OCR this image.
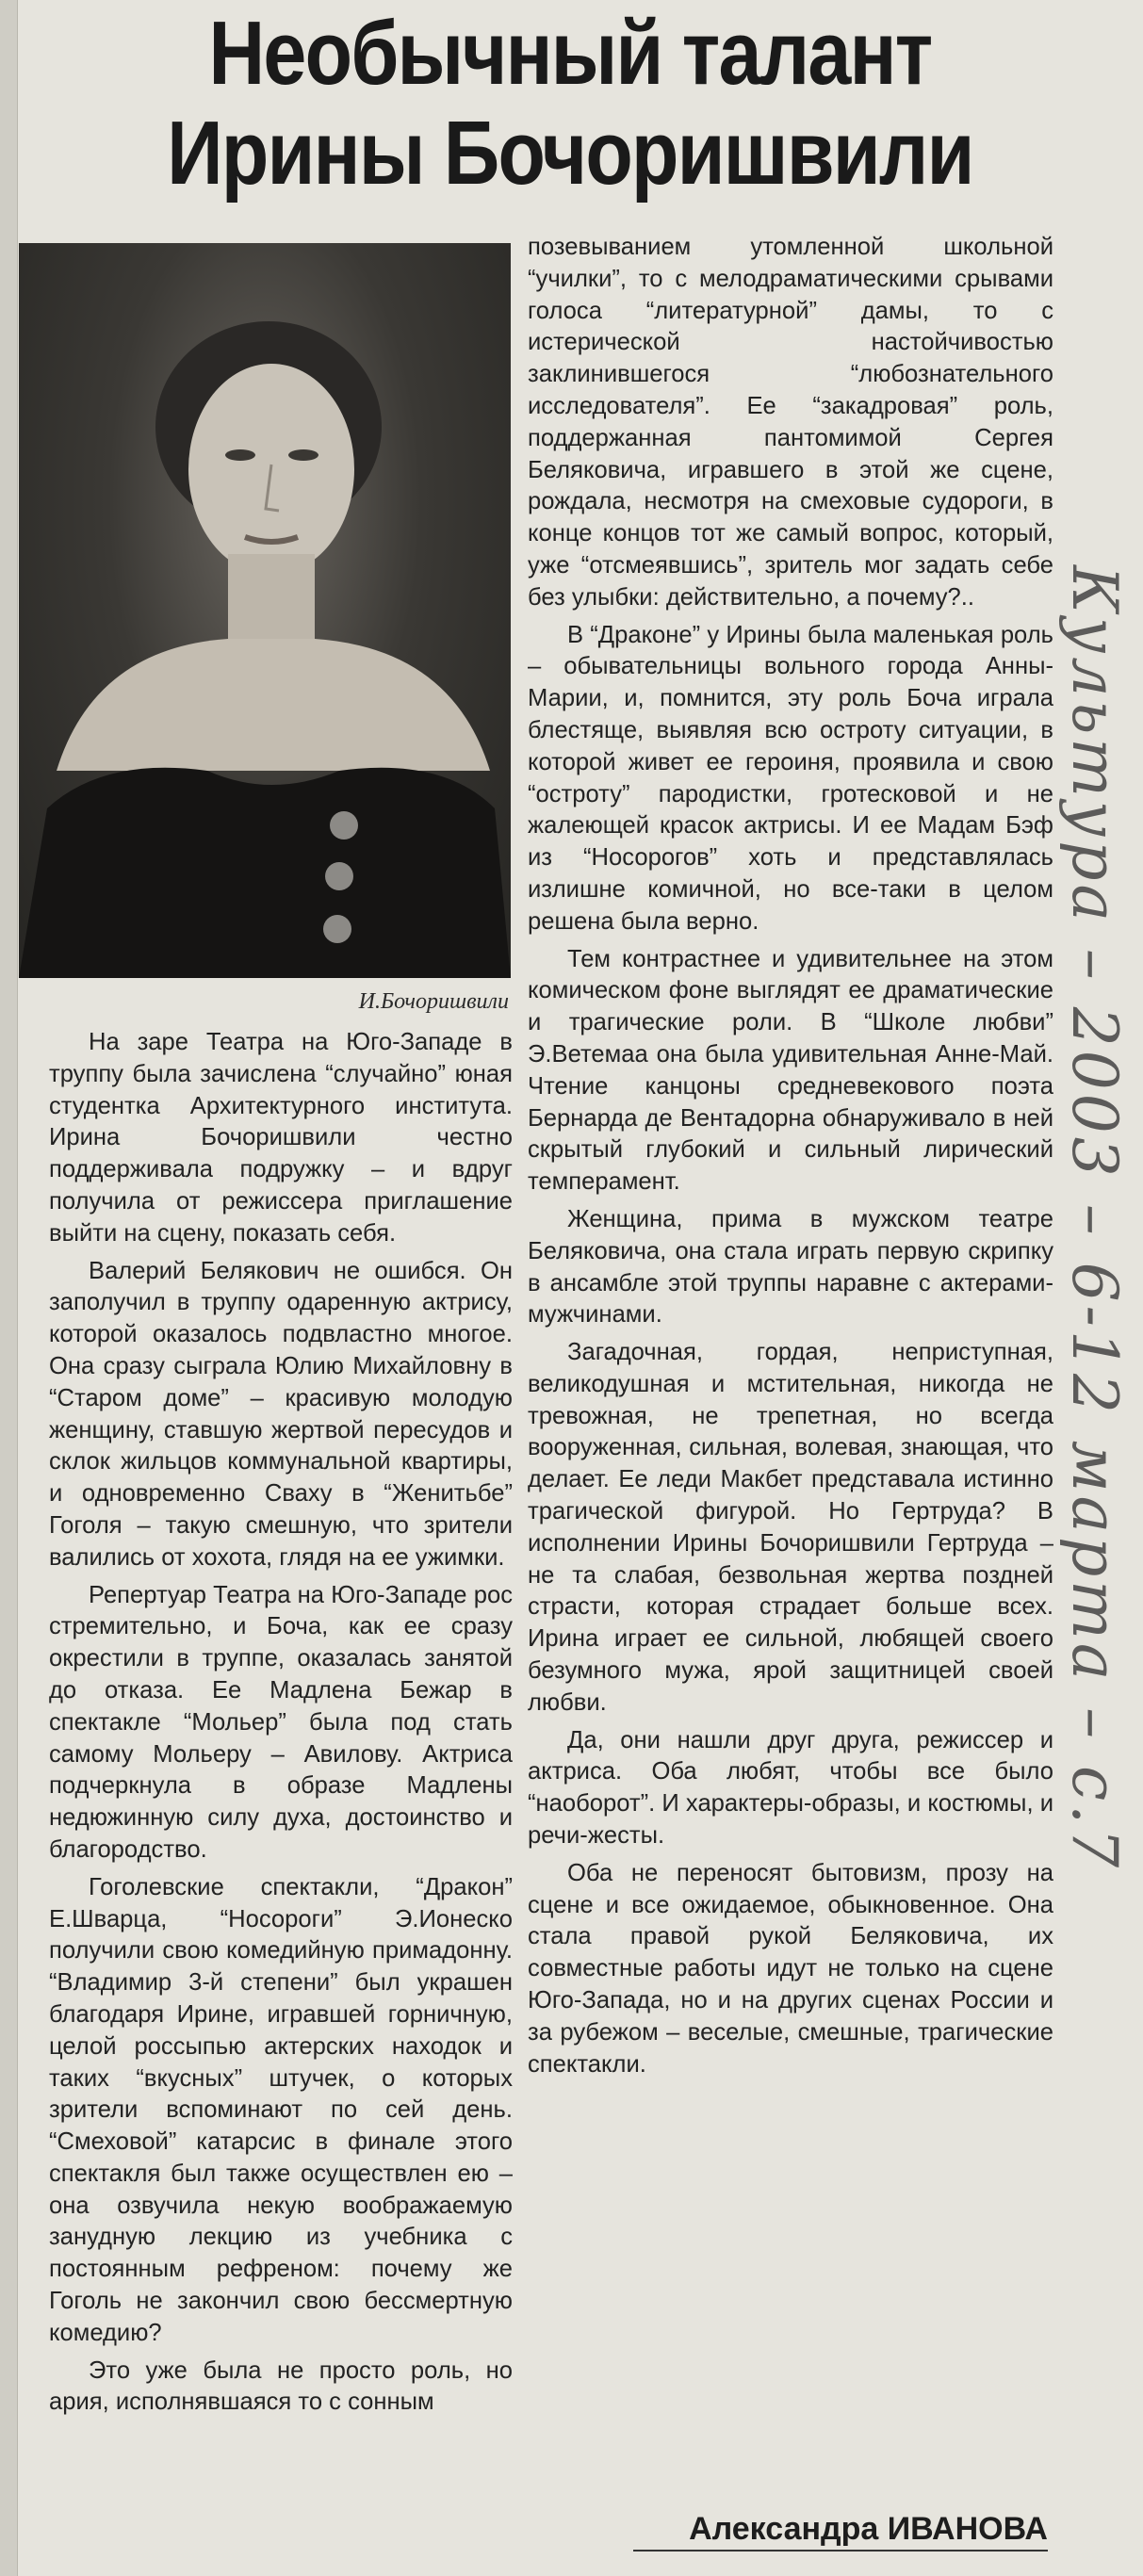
Необычный талант
Ирины Бочоришвили
И.Бочоришвили

На заре Театра на Юго-Западе в труппу была зачислена “случайно” юная студентка Архитектурного института. Ирина Бочоришвили честно поддерживала подружку – и вдруг получила от режиссера приглашение выйти на сцену, показать себя.

Валерий Белякович не ошибся. Он заполучил в труппу одаренную актрису, которой оказалось подвластно многое. Она сразу сыграла Юлию Михайловну в “Старом доме” – красивую молодую женщину, ставшую жертвой пересудов и склок жильцов коммунальной квартиры, и одновременно Сваху в “Женитьбе” Гоголя – такую смешную, что зрители валились от хохота, глядя на ее ужимки.

Репертуар Театра на Юго-Западе рос стремительно, и Боча, как ее сразу окрестили в труппе, оказалась занятой до отказа. Ее Мадлена Бежар в спектакле “Мольер” была под стать самому Мольеру – Авилову. Актриса подчеркнула в образе Мадлены недюжинную силу духа, достоинство и благородство.

Гоголевские спектакли, “Дракон” Е.Шварца, “Носороги” Э.Ионеско получили свою комедийную примадонну. “Владимир 3-й степени” был украшен благодаря Ирине, игравшей горничную, целой россыпью актерских находок и таких “вкусных” штучек, о которых зрители вспоминают по сей день. “Смеховой” катарсис в финале этого спектакля был также осуществлен ею – она озвучила некую воображаемую занудную лекцию из учебника с постоянным рефреном: почему же Гоголь не закончил свою бессмертную комедию?

Это уже была не просто роль, но ария, исполнявшаяся то с сонным

позевыванием утомленной школьной “училки”, то с мелодраматическими срывами голоса “литературной” дамы, то с истерической настойчивостью заклинившегося “любознательного исследователя”. Ее “закадровая” роль, поддержанная пантомимой Сергея Беляковича, игравшего в этой же сцене, рождала, несмотря на смеховые судороги, в конце концов тот же самый вопрос, который, уже “отсмеявшись”, зритель мог задать себе без улыбки: действительно, а почему?..

В “Драконе” у Ирины была маленькая роль – обывательницы вольного города Анны-Марии, и, помнится, эту роль Боча играла блестяще, выявляя всю остроту ситуации, в которой живет ее героиня, проявила и свою “остроту” пародистки, гротесковой и не жалеющей красок актрисы. И ее Мадам Бэф из “Носорогов” хоть и представлялась излишне комичной, но все-таки в целом решена была верно.

Тем контрастнее и удивительнее на этом комическом фоне выглядят ее драматические и трагические роли. В “Школе любви” Э.Ветемаа она была удивительная Анне-Май. Чтение канцоны средневекового поэта Бернарда де Вентадорна обнаруживало в ней скрытый глубокий и сильный лирический темперамент.

Женщина, прима в мужском театре Беляковича, она стала играть первую скрипку в ансамбле этой труппы наравне с актерами-мужчинами.

Загадочная, гордая, неприступная, великодушная и мстительная, никогда не тревожная, не трепетная, но всегда вооруженная, сильная, волевая, знающая, что делает. Ее леди Макбет представала истинно трагической фигурой. Но Гертруда? В исполнении Ирины Бочоришвили Гертруда – не та слабая, безвольная жертва поздней страсти, которая страдает больше всех. Ирина играет ее сильной, любящей своего безумного мужа, ярой защитницей своей любви.

Да, они нашли друг друга, режиссер и актриса. Оба любят, чтобы все было “наоборот”. И характеры-образы, и костюмы, и речи-жесты.

Оба не переносят бытовизм, прозу на сцене и все ожидаемое, обыкновенное. Она стала правой рукой Беляковича, их совместные работы идут не только на сцене Юго-Запада, но и на других сценах России и за рубежом – веселые, смешные, трагические спектакли.

Александра ИВАНОВА
Культура – 2003 – 6-12 марта – с.7
